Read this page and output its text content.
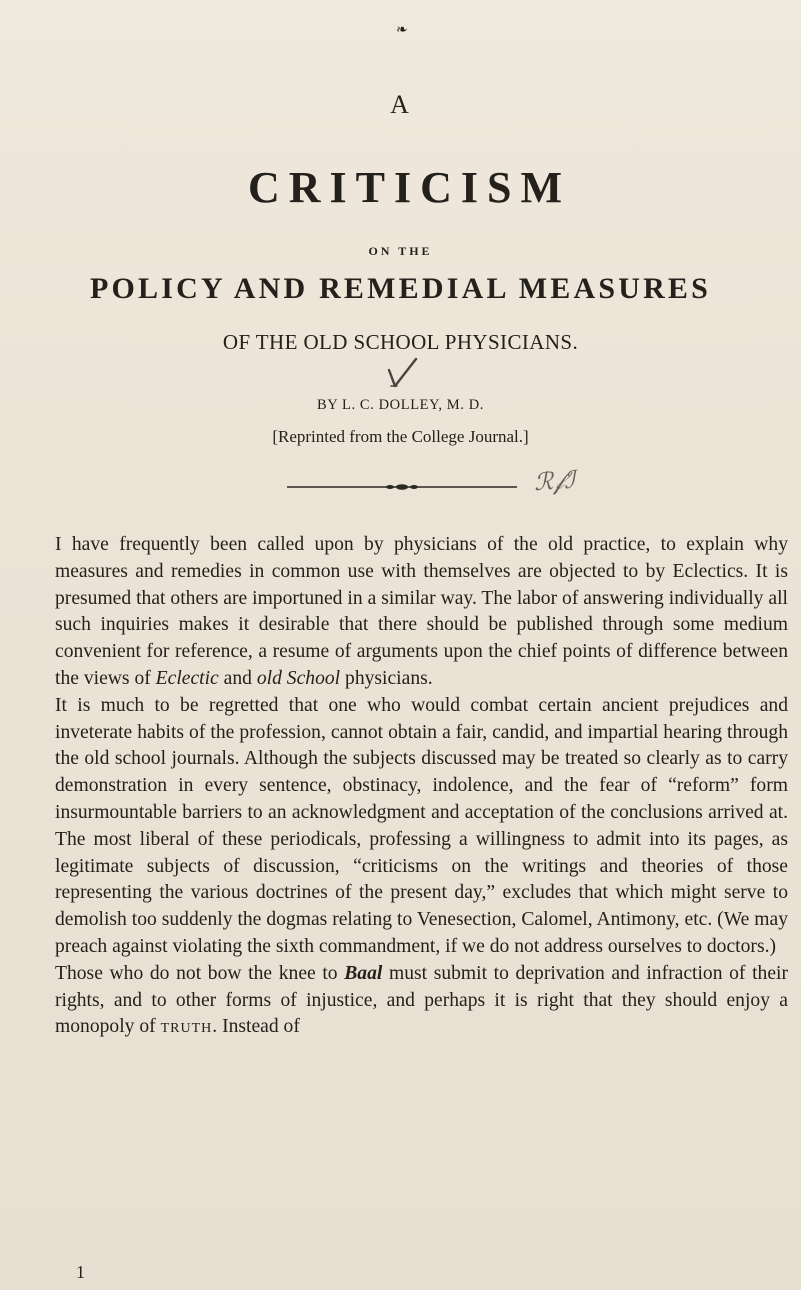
❧
A
CRITICISM
ON THE
POLICY AND REMEDIAL MEASURES
OF THE OLD SCHOOL PHYSICIANS.
BY L. C. DOLLEY, M. D.
[Reprinted from the College Journal.]
ℛ𝒻ℐ

I have frequently been called upon by physicians of the old practice, to explain why measures and remedies in common use with themselves are objected to by Eclectics. It is presumed that others are importuned in a similar way. The labor of answering individually all such inquiries makes it desirable that there should be published through some medium convenient for reference, a resume of arguments upon the chief points of difference between the views of Eclectic and old School physicians.

It is much to be regretted that one who would combat certain ancient prejudices and inveterate habits of the profession, cannot obtain a fair, candid, and impartial hearing through the old school journals. Although the subjects discussed may be treated so clearly as to carry demonstration in every sentence, obstinacy, indolence, and the fear of “reform” form insurmountable barriers to an acknowledgment and acceptation of the conclusions arrived at. The most liberal of these periodicals, professing a willingness to admit into its pages, as legitimate subjects of discussion, “criticisms on the writings and theories of those representing the various doctrines of the present day,” excludes that which might serve to demolish too suddenly the dogmas relating to Venesection, Calomel, Antimony, etc. (We may preach against violating the sixth commandment, if we do not address ourselves to doctors.)

Those who do not bow the knee to Baal must submit to deprivation and infraction of their rights, and to other forms of injustice, and perhaps it is right that they should enjoy a monopoly of TRUTH. Instead of

1
